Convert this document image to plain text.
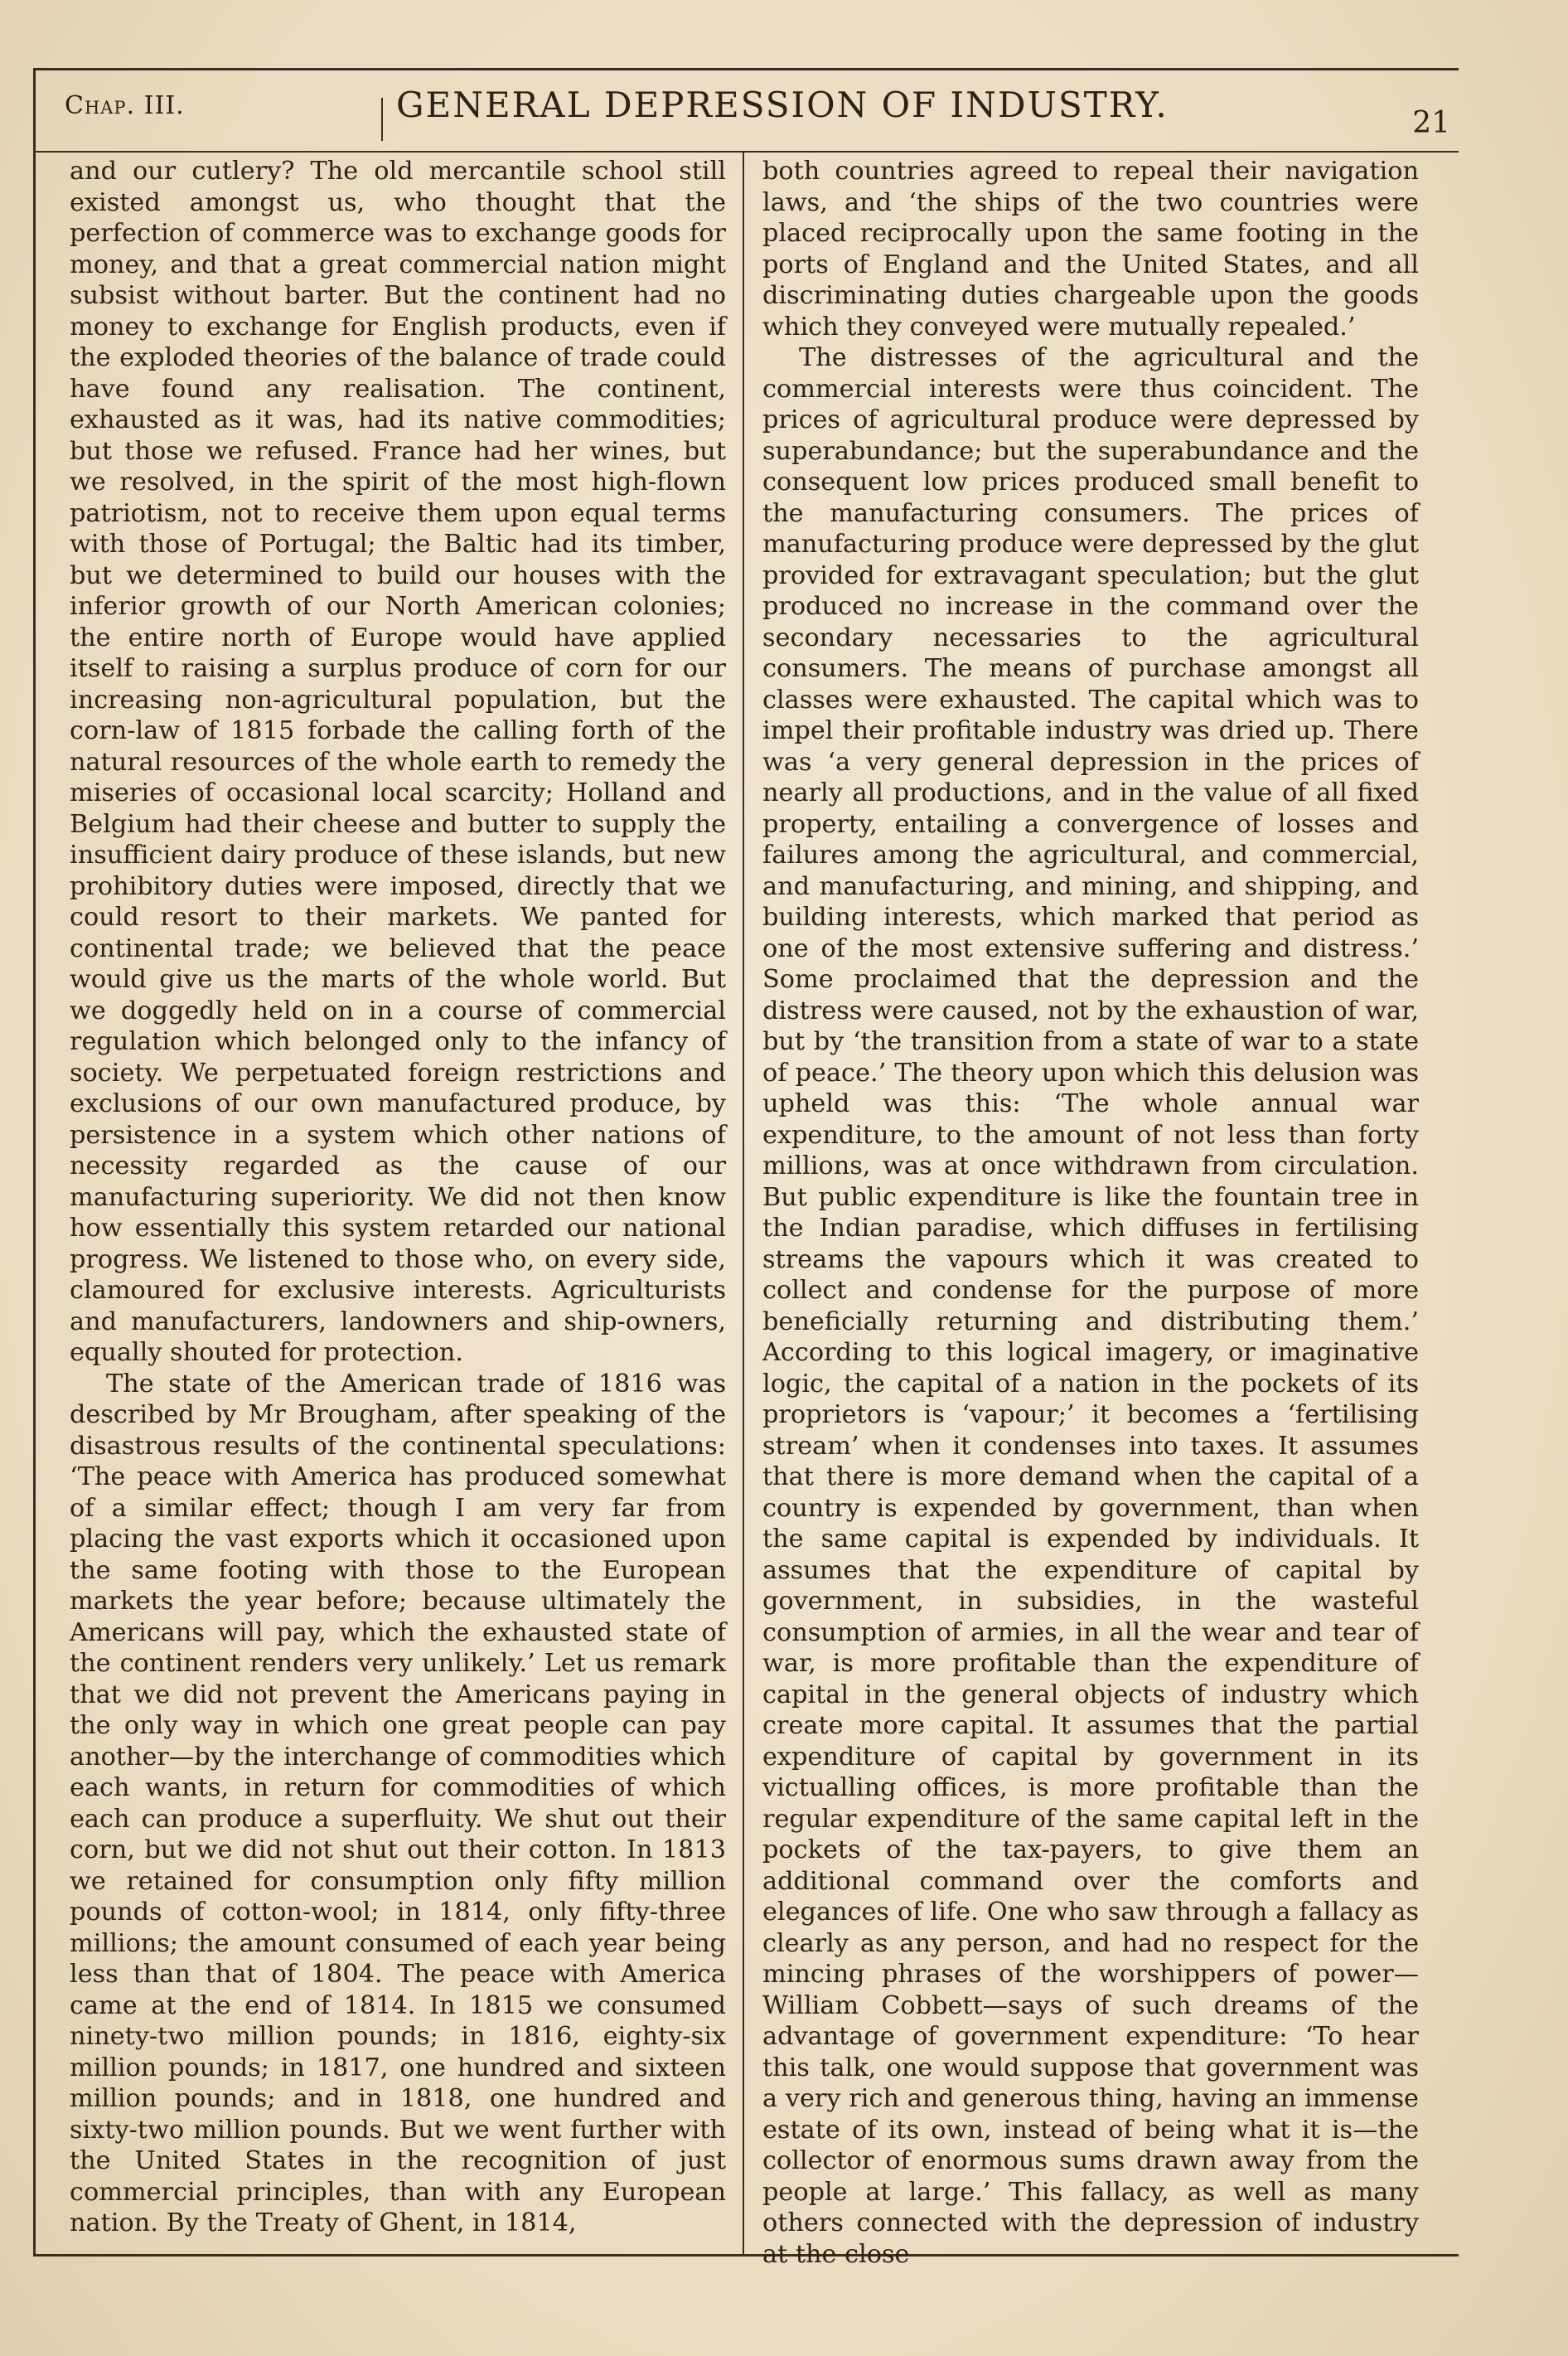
Chap. III.	GENERAL DEPRESSION OF INDUSTRY.	21

and our cutlery? The old mercantile school still existed amongst us, who thought that the perfection of commerce was to exchange goods for money, and that a great commercial nation might subsist without barter. But the continent had no money to exchange for English products, even if the exploded theories of the balance of trade could have found any realisation. The continent, exhausted as it was, had its native commodities; but those we refused. France had her wines, but we resolved, in the spirit of the most high-flown patriotism, not to receive them upon equal terms with those of Portugal; the Baltic had its timber, but we determined to build our houses with the inferior growth of our North American colonies; the entire north of Europe would have applied itself to raising a surplus produce of corn for our increasing non-agricultural population, but the corn-law of 1815 forbade the calling forth of the natural resources of the whole earth to remedy the miseries of occasional local scarcity; Holland and Belgium had their cheese and butter to supply the insufficient dairy produce of these islands, but new prohibitory duties were imposed, directly that we could resort to their markets. We panted for continental trade; we believed that the peace would give us the marts of the whole world. But we doggedly held on in a course of commercial regulation which belonged only to the infancy of society. We perpetuated foreign restrictions and exclusions of our own manufactured produce, by persistence in a system which other nations of necessity regarded as the cause of our manufacturing superiority. We did not then know how essentially this system retarded our national progress. We listened to those who, on every side, clamoured for exclusive interests. Agriculturists and manufacturers, landowners and ship-owners, equally shouted for protection.

The state of the American trade of 1816 was described by Mr Brougham, after speaking of the disastrous results of the continental speculations: ‘The peace with America has produced somewhat of a similar effect; though I am very far from placing the vast exports which it occasioned upon the same footing with those to the European markets the year before; because ultimately the Americans will pay, which the exhausted state of the continent renders very unlikely.’ Let us remark that we did not prevent the Americans paying in the only way in which one great people can pay another—by the interchange of commodities which each wants, in return for commodities of which each can produce a superfluity. We shut out their corn, but we did not shut out their cotton. In 1813 we retained for consumption only fifty million pounds of cotton-wool; in 1814, only fifty-three millions; the amount consumed of each year being less than that of 1804. The peace with America came at the end of 1814. In 1815 we consumed ninety-two million pounds; in 1816, eighty-six million pounds; in 1817, one hundred and sixteen million pounds; and in 1818, one hundred and sixty-two million pounds. But we went further with the United States in the recognition of just commercial principles, than with any European nation. By the Treaty of Ghent, in 1814,

both countries agreed to repeal their navigation laws, and ‘the ships of the two countries were placed reciprocally upon the same footing in the ports of England and the United States, and all discriminating duties chargeable upon the goods which they conveyed were mutually repealed.’

The distresses of the agricultural and the commercial interests were thus coincident. The prices of agricultural produce were depressed by superabundance; but the superabundance and the consequent low prices produced small benefit to the manufacturing consumers. The prices of manufacturing produce were depressed by the glut provided for extravagant speculation; but the glut produced no increase in the command over the secondary necessaries to the agricultural consumers. The means of purchase amongst all classes were exhausted. The capital which was to impel their profitable industry was dried up. There was ‘a very general depression in the prices of nearly all productions, and in the value of all fixed property, entailing a convergence of losses and failures among the agricultural, and commercial, and manufacturing, and mining, and shipping, and building interests, which marked that period as one of the most extensive suffering and distress.’ Some proclaimed that the depression and the distress were caused, not by the exhaustion of war, but by ‘the transition from a state of war to a state of peace.’ The theory upon which this delusion was upheld was this: ‘The whole annual war expenditure, to the amount of not less than forty millions, was at once withdrawn from circulation. But public expenditure is like the fountain tree in the Indian paradise, which diffuses in fertilising streams the vapours which it was created to collect and condense for the purpose of more beneficially returning and distributing them.’ According to this logical imagery, or imaginative logic, the capital of a nation in the pockets of its proprietors is ‘vapour;’ it becomes a ‘fertilising stream’ when it condenses into taxes. It assumes that there is more demand when the capital of a country is expended by government, than when the same capital is expended by individuals. It assumes that the expenditure of capital by government, in subsidies, in the wasteful consumption of armies, in all the wear and tear of war, is more profitable than the expenditure of capital in the general objects of industry which create more capital. It assumes that the partial expenditure of capital by government in its victualling offices, is more profitable than the regular expenditure of the same capital left in the pockets of the tax-payers, to give them an additional command over the comforts and elegances of life. One who saw through a fallacy as clearly as any person, and had no respect for the mincing phrases of the worshippers of power—William Cobbett—says of such dreams of the advantage of government expenditure: ‘To hear this talk, one would suppose that government was a very rich and generous thing, having an immense estate of its own, instead of being what it is—the collector of enormous sums drawn away from the people at large.’ This fallacy, as well as many others connected with the depression of industry at the close
